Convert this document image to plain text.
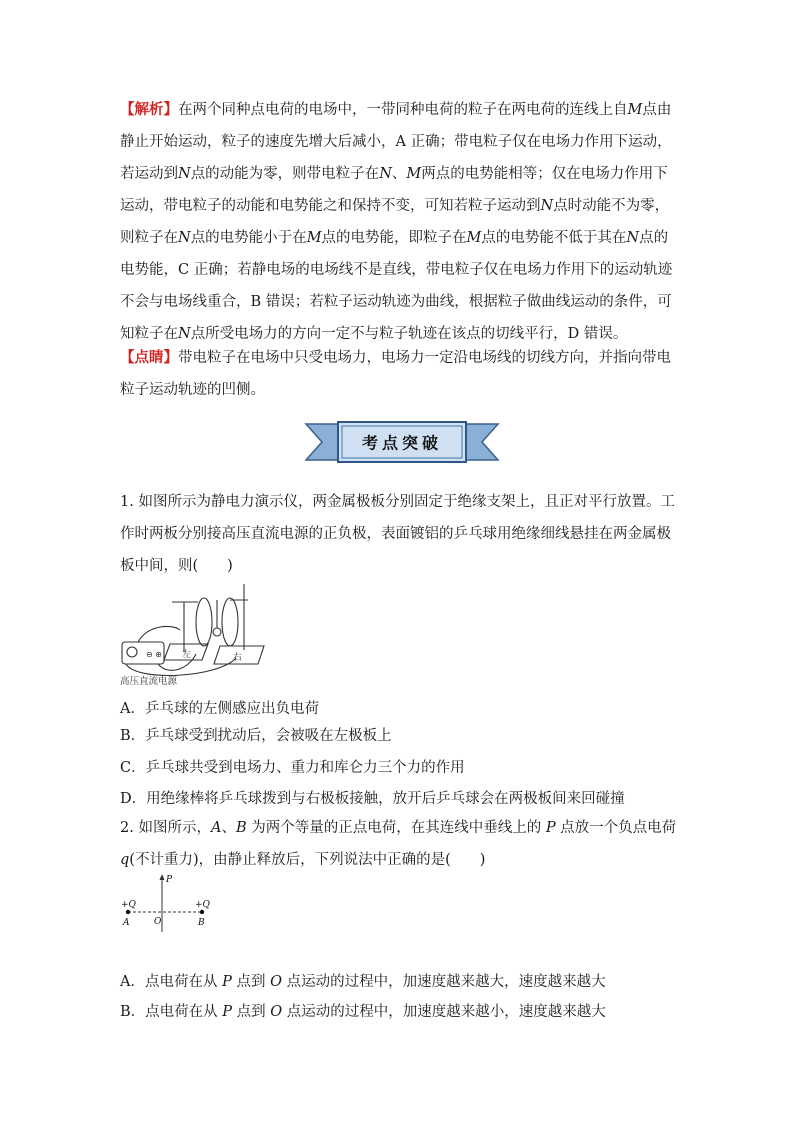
【解析】在两个同种点电荷的电场中，一带同种电荷的粒子在两电荷的连线上自M点由静止开始运动，粒子的速度先增大后减小，A 正确；带电粒子仅在电场力作用下运动，若运动到N点的动能为零，则带电粒子在N、M两点的电势能相等；仅在电场力作用下运动，带电粒子的动能和电势能之和保持不变，可知若粒子运动到N点时动能不为零，则粒子在N点的电势能小于在M点的电势能，即粒子在M点的电势能不低于其在N点的电势能，C 正确；若静电场的电场线不是直线，带电粒子仅在电场力作用下的运动轨迹不会与电场线重合，B 错误；若粒子运动轨迹为曲线，根据粒子做曲线运动的条件，可知粒子在N点所受电场力的方向一定不与粒子轨迹在该点的切线平行，D 错误。

【点睛】带电粒子在电场中只受电场力，电场力一定沿电场线的切线方向，并指向带电粒子运动轨迹的凹侧。

考点突破

1. 如图所示为静电力演示仪，两金属极板分别固定于绝缘支架上，且正对平行放置。工作时两板分别接高压直流电源的正负极，表面镀铝的乒乓球用绝缘细线悬挂在两金属极板中间，则(　　)

⊖ ⊕ 左	右
高压直流电源
A．乒乓球的左侧感应出负电荷
B．乒乓球受到扰动后，会被吸在左极板上
C．乒乓球共受到电场力、重力和库仑力三个力的作用
D．用绝缘棒将乒乓球拨到与右极板接触，放开后乒乓球会在两极板间来回碰撞

2. 如图所示，A、B 为两个等量的正点电荷，在其连线中垂线上的 P 点放一个负点电荷 q(不计重力)，由静止释放后，下列说法中正确的是(　　)

P
O
A	B
+Q	+Q
A．点电荷在从 P 点到 O 点运动的过程中，加速度越来越大，速度越来越大
B．点电荷在从 P 点到 O 点运动的过程中，加速度越来越小，速度越来越大
